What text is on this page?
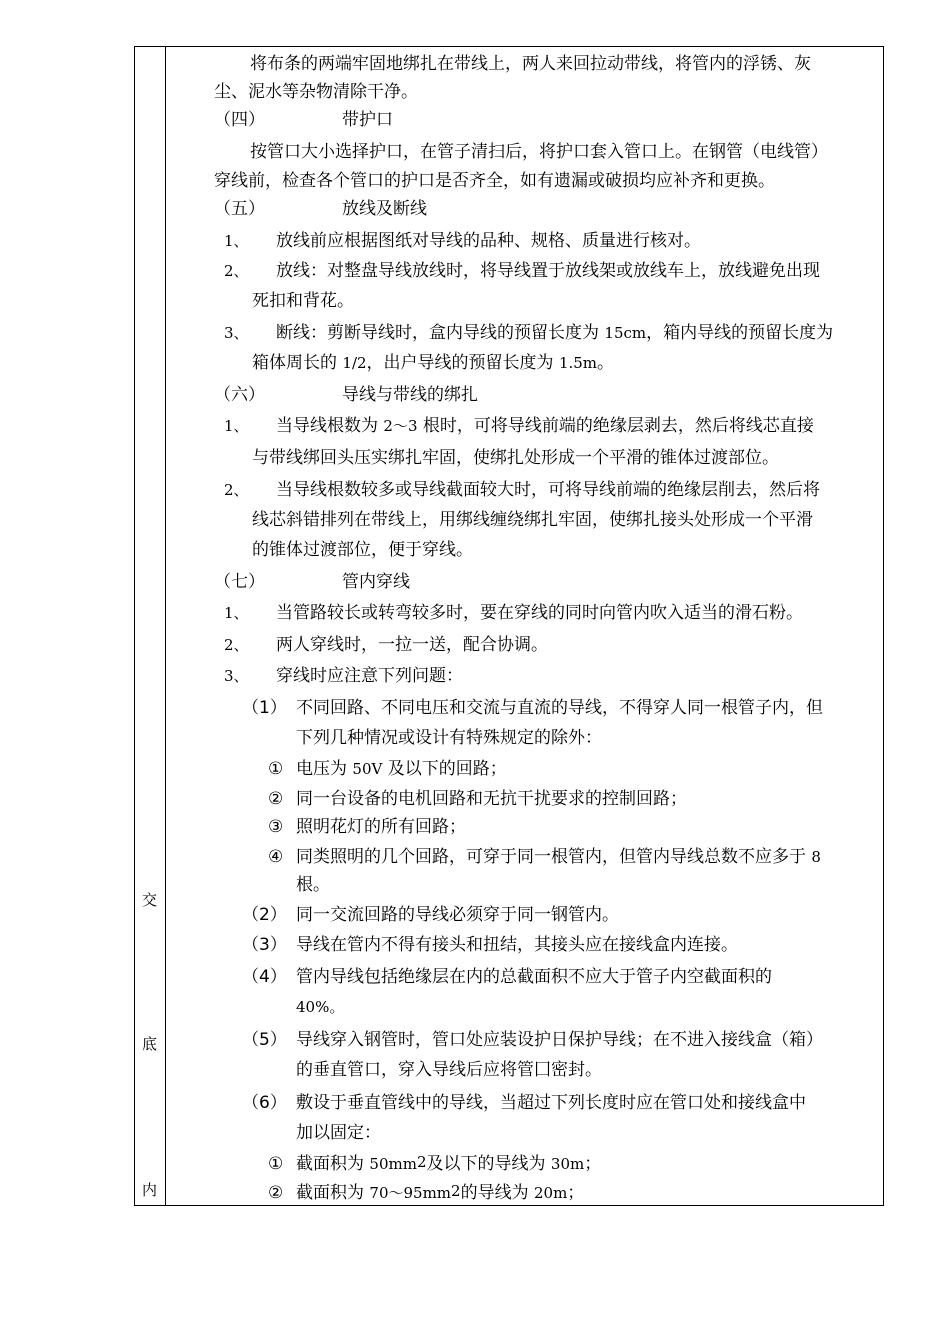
交
底
内
将布条的两端牢固地绑扎在带线上，两人来回拉动带线，将管内的浮锈、灰
尘、泥水等杂物清除干净。
（四）	带护口
按管口大小选择护口，在管子清扫后，将护口套入管口上。在钢管（电线管）
穿线前，检查各个管口的护口是否齐全，如有遗漏或破损均应补齐和更换。
（五）	放线及断线
1、 放线前应根据图纸对导线的品种、规格、质量进行核对。
2、 放线：对整盘导线放线时，将导线置于放线架或放线车上，放线避免出现
死扣和背花。
3、 断线：剪断导线时，盒内导线的预留长度为 15cm，箱内导线的预留长度为
箱体周长的 1/2，出户导线的预留长度为 1.5m。
（六）	导线与带线的绑扎
1、 当导线根数为 2～3 根时，可将导线前端的绝缘层剥去，然后将线芯直接
与带线绑回头压实绑扎牢固，使绑扎处形成一个平滑的锥体过渡部位。
2、 当导线根数较多或导线截面较大时，可将导线前端的绝缘层削去，然后将
线芯斜错排列在带线上，用绑线缠绕绑扎牢固，使绑扎接头处形成一个平滑
的锥体过渡部位，便于穿线。
（七）	管内穿线
1、 当管路较长或转弯较多时，要在穿线的同时向管内吹入适当的滑石粉。
2、 两人穿线时，一拉一送，配合协调。
3、 穿线时应注意下列问题：
（1） 不同回路、不同电压和交流与直流的导线，不得穿人同一根管子内，但
下列几种情况或设计有特殊规定的除外：
① 电压为 50V 及以下的回路；
② 同一台设备的电机回路和无抗干扰要求的控制回路；
③ 照明花灯的所有回路；
④ 同类照明的几个回路，可穿于同一根管内，但管内导线总数不应多于 8
根。
（2） 同一交流回路的导线必须穿于同一钢管内。
（3） 导线在管内不得有接头和扭结，其接头应在接线盒内连接。
（4） 管内导线包括绝缘层在内的总截面积不应大于管子内空截面积的
40%。
（5） 导线穿入钢管时，管口处应装设护日保护导线；在不进入接线盒（箱）
的垂直管口，穿入导线后应将管囗密封。
（6） 敷设于垂直管线中的导线，当超过下列长度时应在管口处和接线盒中
加以固定：
① 截面积为 $50mm^2$及以下的导线为 30m；
② 截面积为 $70\sim 95mm^2$的导线为 20m；
